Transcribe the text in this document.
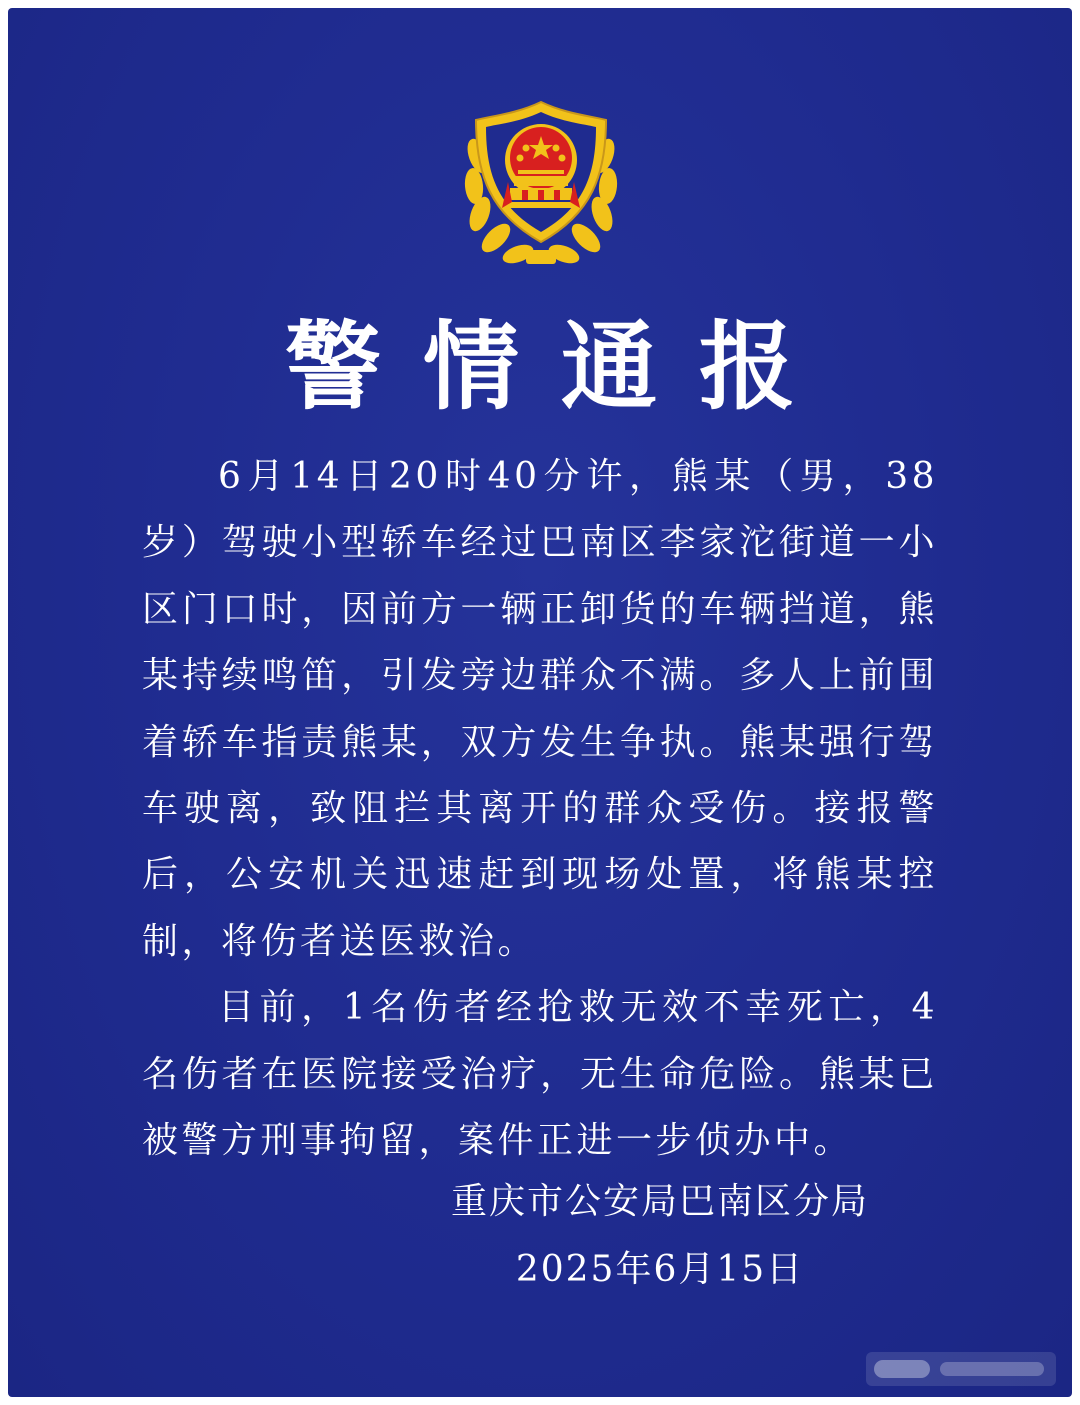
警情通报

6月14日20时40分许，熊某（男，38岁）驾驶小型轿车经过巴南区李家沱街道一小区门口时，因前方一辆正卸货的车辆挡道，熊某持续鸣笛，引发旁边群众不满。多人上前围着轿车指责熊某，双方发生争执。熊某强行驾车驶离，致阻拦其离开的群众受伤。接报警后，公安机关迅速赶到现场处置，将熊某控制，将伤者送医救治。

目前，1名伤者经抢救无效不幸死亡，4名伤者在医院接受治疗，无生命危险。熊某已被警方刑事拘留，案件正进一步侦办中。

重庆市公安局巴南区分局
2025年6月15日
